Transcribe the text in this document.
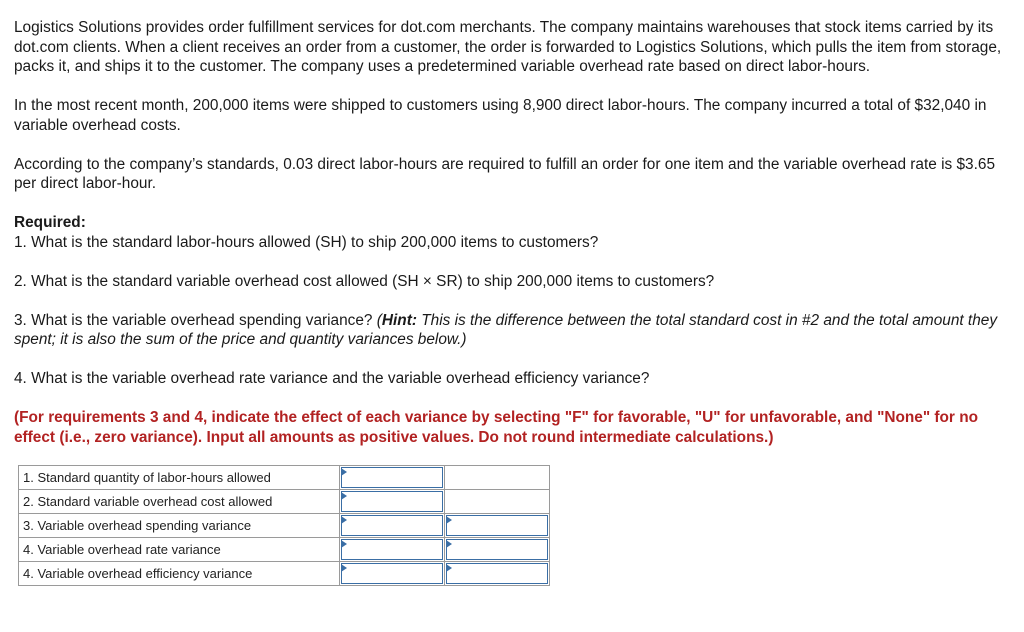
Logistics Solutions provides order fulfillment services for dot.com merchants. The company maintains warehouses that stock items carried by its dot.com clients. When a client receives an order from a customer, the order is forwarded to Logistics Solutions, which pulls the item from storage, packs it, and ships it to the customer. The company uses a predetermined variable overhead rate based on direct labor-hours.

In the most recent month, 200,000 items were shipped to customers using 8,900 direct labor-hours. The company incurred a total of $32,040 in variable overhead costs.

According to the company’s standards, 0.03 direct labor-hours are required to fulfill an order for one item and the variable overhead rate is $3.65 per direct labor-hour.

Required:
1. What is the standard labor-hours allowed (SH) to ship 200,000 items to customers?

2. What is the standard variable overhead cost allowed (SH × SR) to ship 200,000 items to customers?

3. What is the variable overhead spending variance? (Hint: This is the difference between the total standard cost in #2 and the total amount they spent; it is also the sum of the price and quantity variances below.)

4. What is the variable overhead rate variance and the variable overhead efficiency variance?

(For requirements 3 and 4, indicate the effect of each variance by selecting "F" for favorable, "U" for unfavorable, and "None" for no effect (i.e., zero variance). Input all amounts as positive values. Do not round intermediate calculations.)

1. Standard quantity of labor-hours allowed	

2. Standard variable overhead cost allowed	

3. Variable overhead spending variance	

4. Variable overhead rate variance	

4. Variable overhead efficiency variance	
